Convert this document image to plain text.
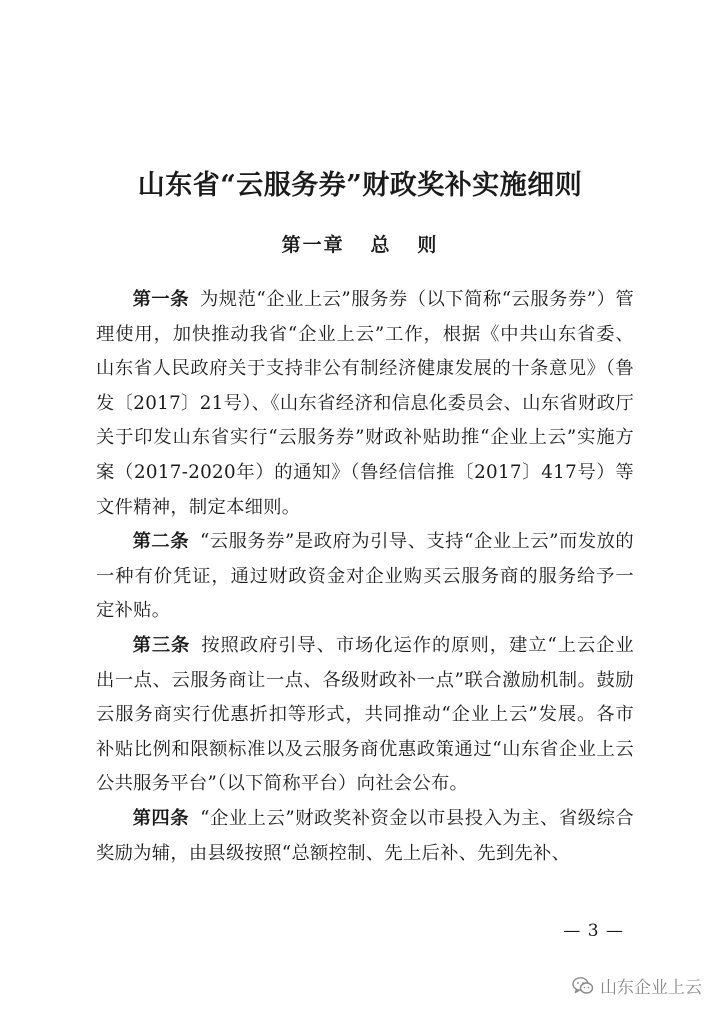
山东省“云服务券”财政奖补实施细则
第一章   总   则

第一条 为规范“企业上云”服务券（以下简称“云服务券”）管理使用，加快推动我省“企业上云”工作，根据《中共山东省委、山东省人民政府关于支持非公有制经济健康发展的十条意见》（鲁发〔2017〕21号）、《山东省经济和信息化委员会、山东省财政厅关于印发山东省实行“云服务券”财政补贴助推“企业上云”实施方案（2017-2020年）的通知》（鲁经信信推〔2017〕417号）等文件精神，制定本细则。

第二条 “云服务券”是政府为引导、支持“企业上云”而发放的一种有价凭证，通过财政资金对企业购买云服务商的服务给予一定补贴。

第三条 按照政府引导、市场化运作的原则，建立“上云企业出一点、云服务商让一点、各级财政补一点”联合激励机制。鼓励云服务商实行优惠折扣等形式，共同推动“企业上云”发展。各市补贴比例和限额标准以及云服务商优惠政策通过“山东省企业上云公共服务平台”（以下简称平台）向社会公布。

第四条 “企业上云”财政奖补资金以市县投入为主、省级综合奖励为辅，由县级按照“总额控制、先上后补、先到先补、

— 3 —
山东企业上云
